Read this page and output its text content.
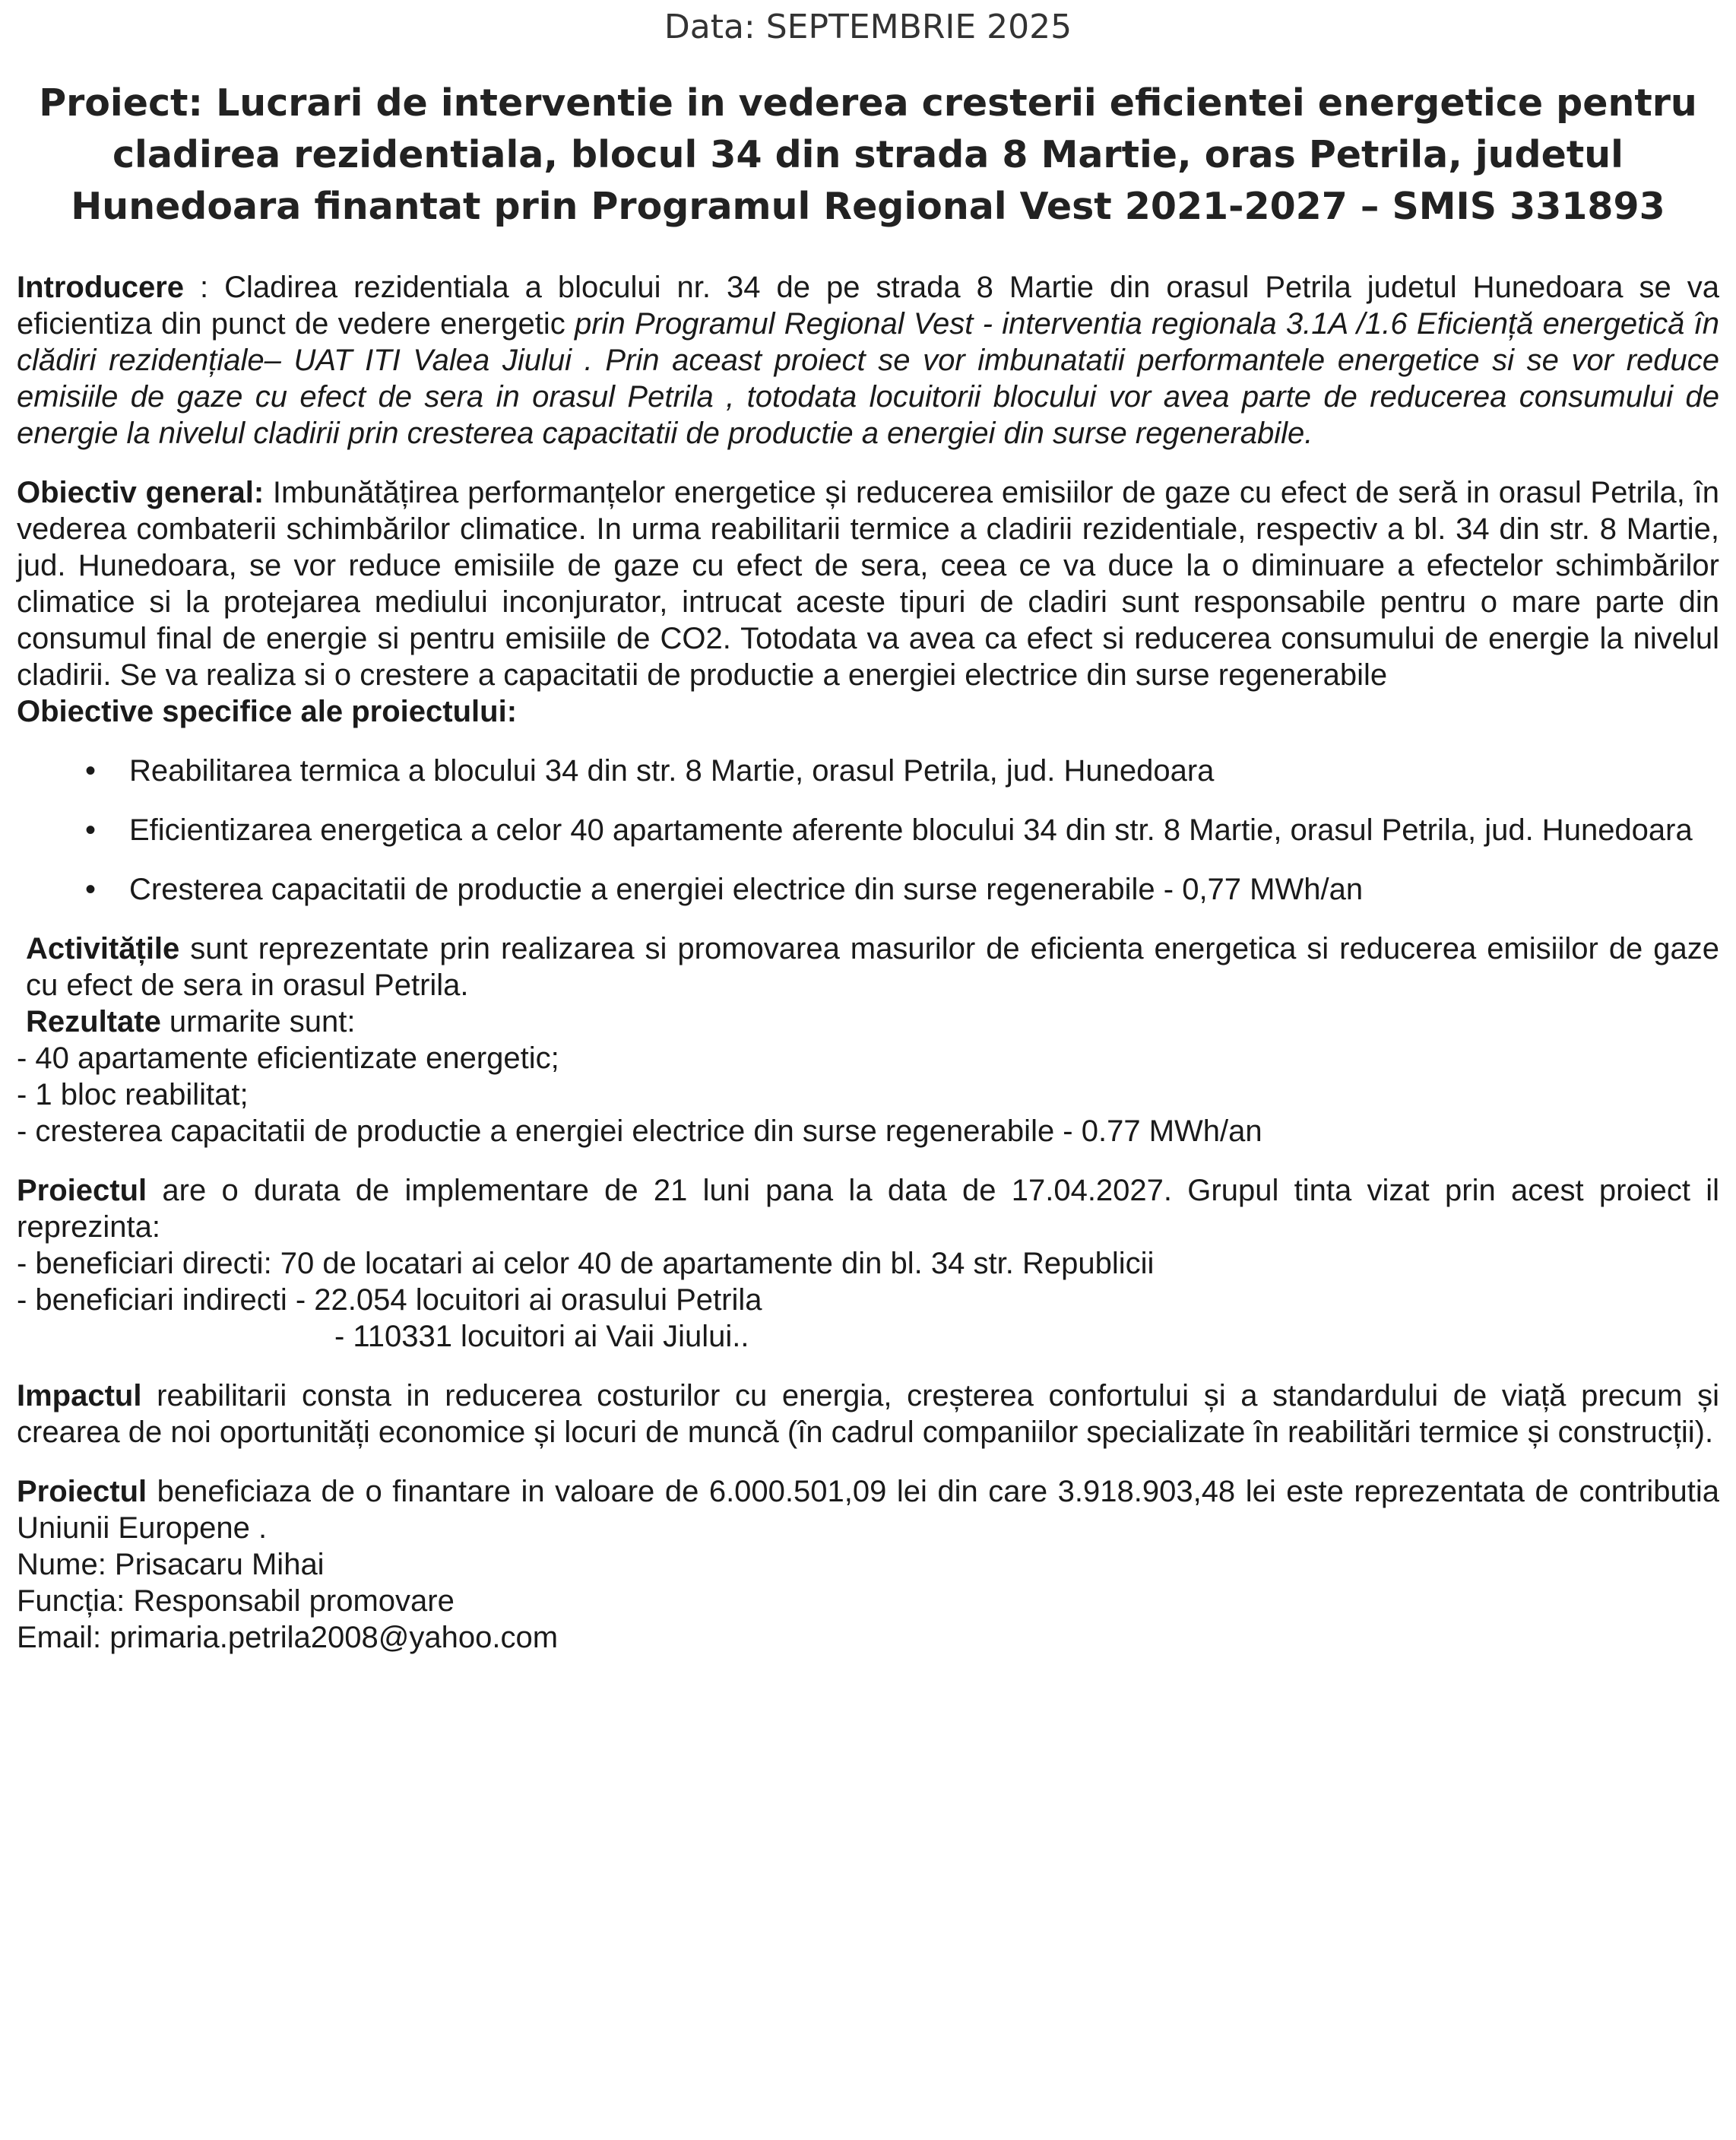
Data: SEPTEMBRIE 2025
Proiect: Lucrari de interventie in vederea cresterii eficientei energetice pentru cladirea rezidentiala, blocul 34 din strada 8 Martie, oras Petrila, judetul Hunedoara finantat prin Programul Regional Vest 2021-2027 – SMIS 331893

Introducere : Cladirea rezidentiala a blocului nr. 34 de pe strada 8 Martie din orasul Petrila judetul Hunedoara se va eficientiza din punct de vedere energetic prin Programul Regional Vest - interventia regionala 3.1A /1.6 Eficiență energetică în clădiri rezidențiale– UAT ITI Valea Jiului . Prin aceast proiect se vor imbunatatii performantele energetice si se vor reduce emisiile de gaze cu efect de sera in orasul Petrila , totodata locuitorii blocului vor avea parte de reducerea consumului de energie la nivelul cladirii prin cresterea capacitatii de productie a energiei din surse regenerabile.

Obiectiv general: Imbunătățirea performanțelor energetice și reducerea emisiilor de gaze cu efect de seră in orasul Petrila, în vederea combaterii schimbărilor climatice. In urma reabilitarii termice a cladirii rezidentiale, respectiv a bl. 34 din str. 8 Martie, jud. Hunedoara, se vor reduce emisiile de gaze cu efect de sera, ceea ce va duce la o diminuare a efectelor schimbărilor climatice si la protejarea mediului inconjurator, intrucat aceste tipuri de cladiri sunt responsabile pentru o mare parte din consumul final de energie si pentru emisiile de CO2. Totodata va avea ca efect si reducerea consumului de energie la nivelul cladirii. Se va realiza si o crestere a capacitatii de productie a energiei electrice din surse regenerabile

Obiective specifice ale proiectului:

• Reabilitarea termica a blocului 34 din str. 8 Martie, orasul Petrila, jud. Hunedoara
• Eficientizarea energetica a celor 40 apartamente aferente blocului 34 din str. 8 Martie, orasul Petrila, jud. Hunedoara
• Cresterea capacitatii de productie a energiei electrice din surse regenerabile - 0,77 MWh/an

Activitățile sunt reprezentate prin realizarea si promovarea masurilor de eficienta energetica si reducerea emisiilor de gaze cu efect de sera in orasul Petrila.

Rezultate urmarite sunt:

- 40 apartamente eficientizate energetic;

- 1 bloc reabilitat;

- cresterea capacitatii de productie a energiei electrice din surse regenerabile - 0.77 MWh/an

Proiectul are o durata de implementare de 21 luni pana la data de 17.04.2027. Grupul tinta vizat prin acest proiect il reprezinta:

- beneficiari directi: 70 de locatari ai celor 40 de apartamente din bl. 34 str. Republicii

- beneficiari indirecti - 22.054 locuitori ai orasului Petrila

- 110331 locuitori ai Vaii Jiului..

Impactul reabilitarii consta in reducerea costurilor cu energia, creșterea confortului și a standardului de viață precum și crearea de noi oportunități economice și locuri de muncă (în cadrul companiilor specializate în reabilitări termice și construcții).

Proiectul beneficiaza de o finantare in valoare de 6.000.501,09 lei din care 3.918.903,48 lei este reprezentata de contributia Uniunii Europene .

Nume: Prisacaru Mihai

Funcția: Responsabil promovare

Email: primaria.petrila2008@yahoo.com
